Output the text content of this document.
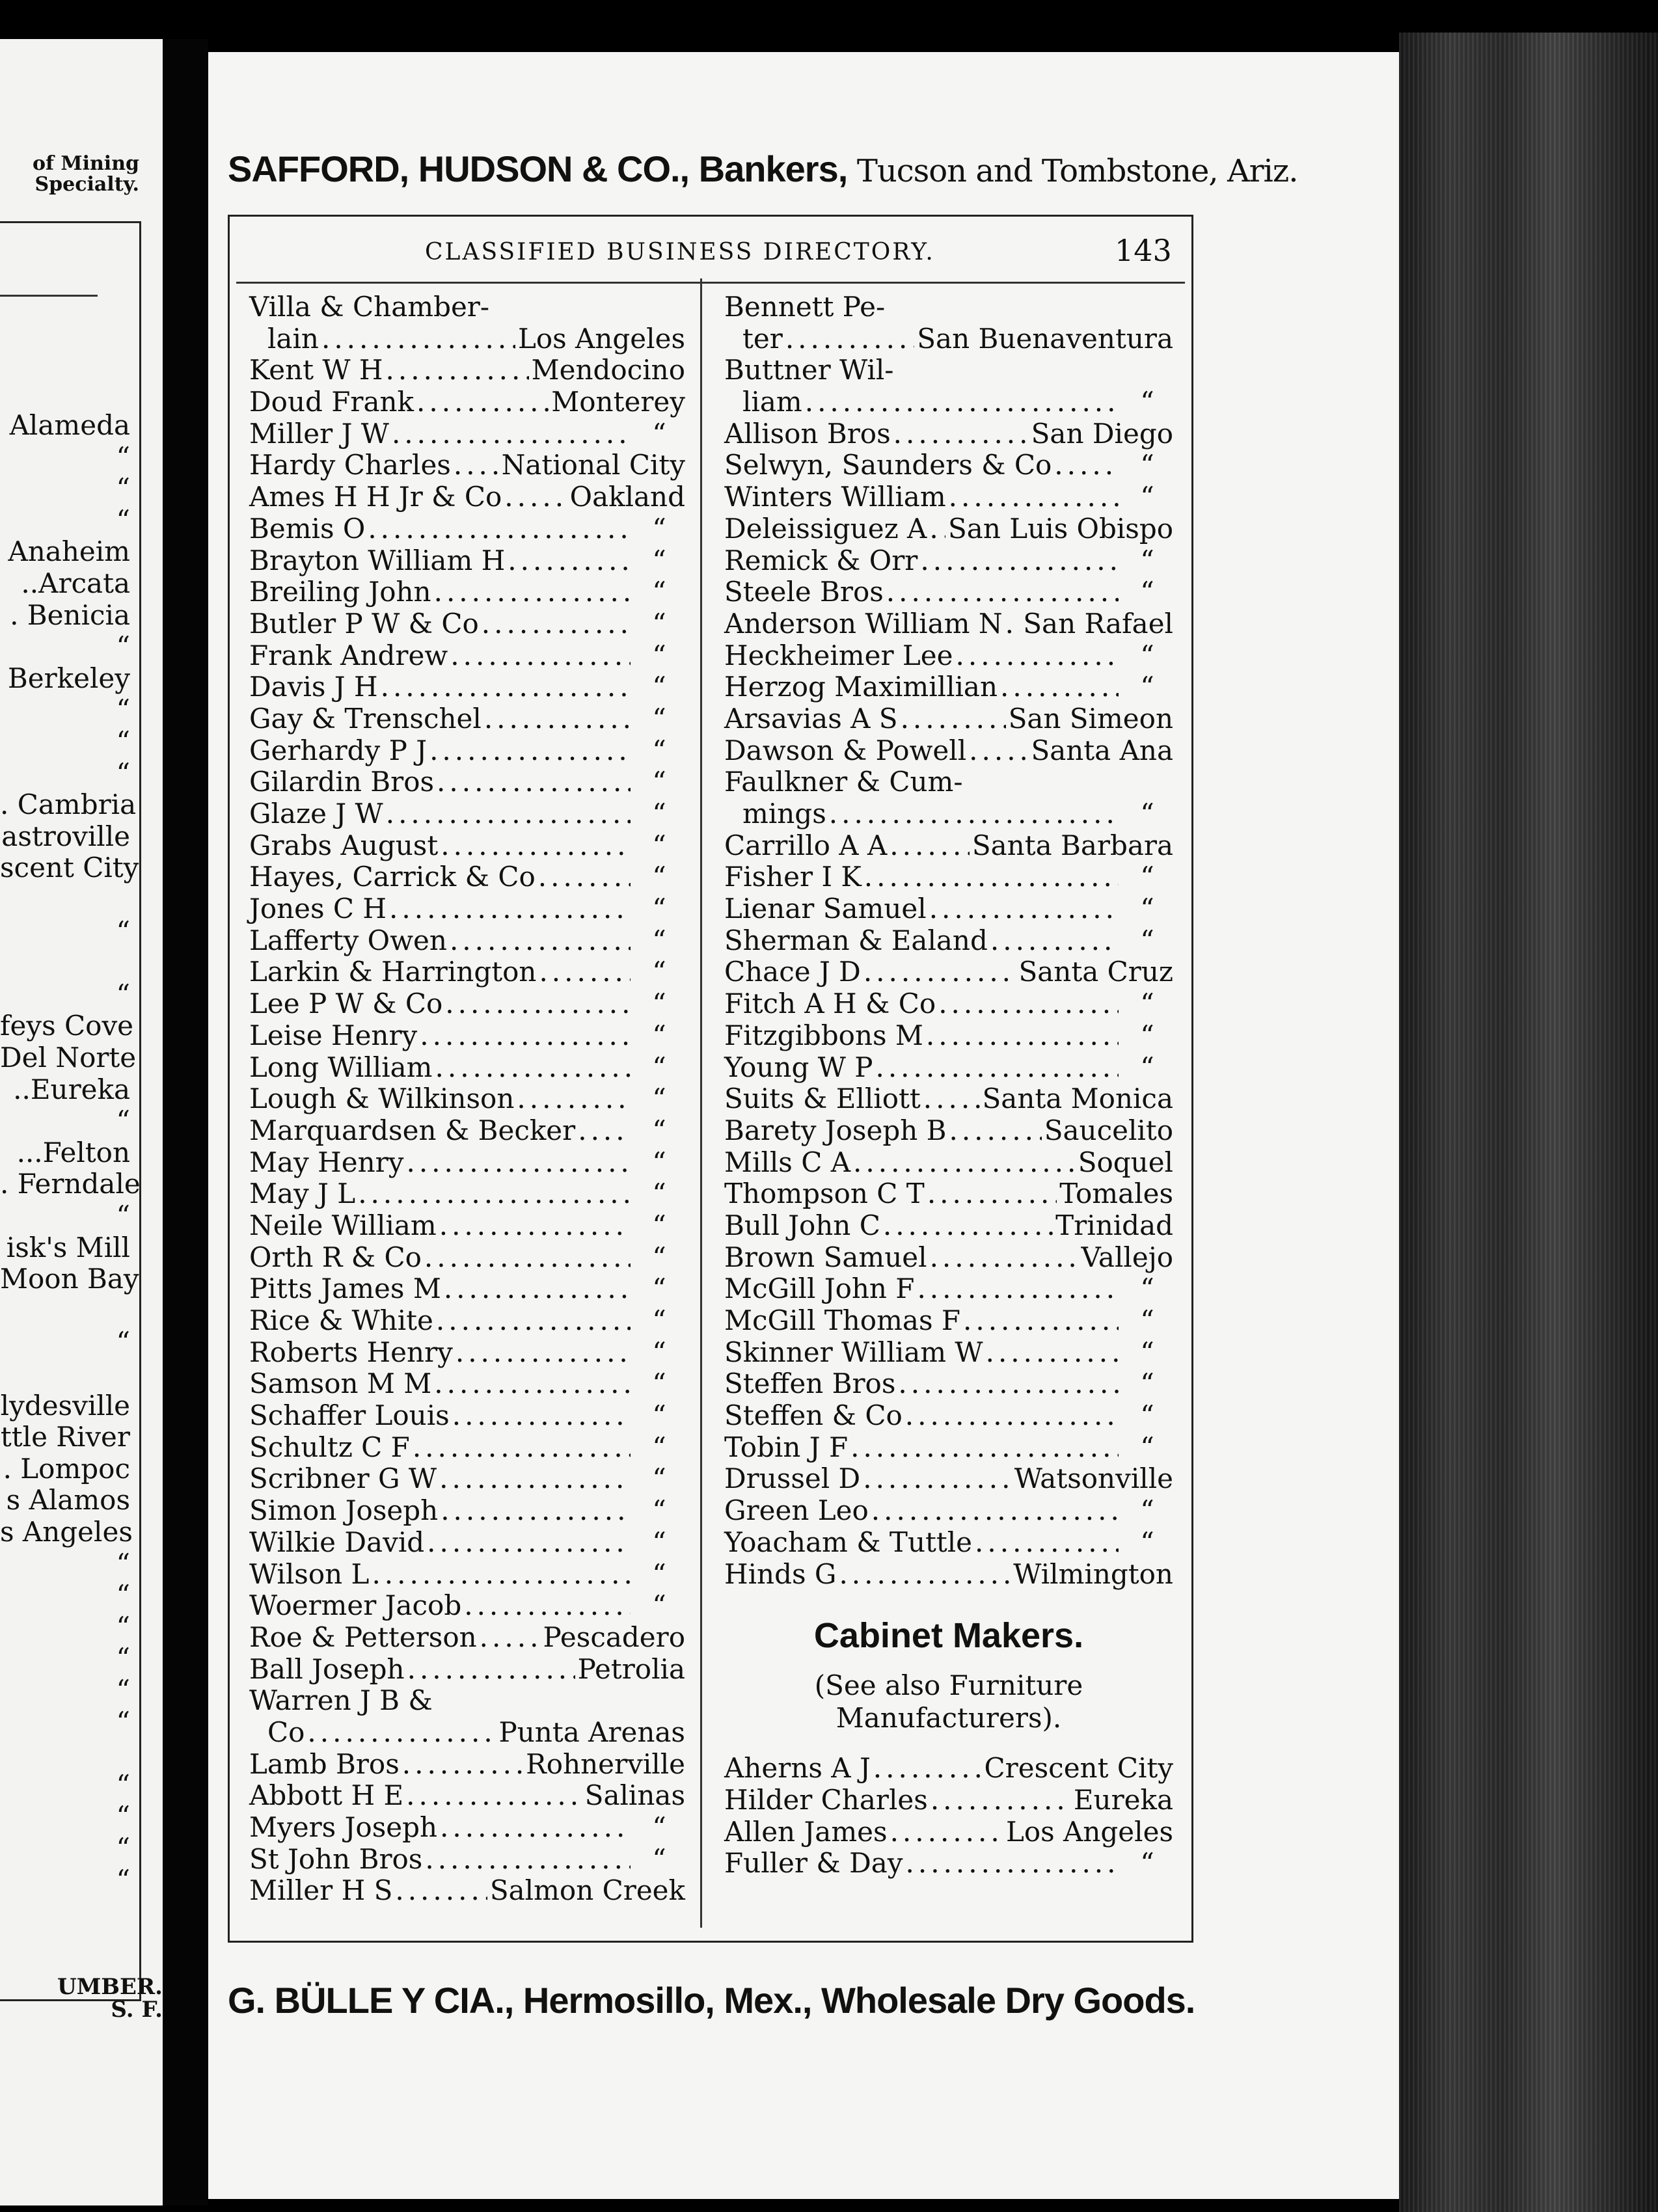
of Mining
Specialty.
Alameda
“
“
“
Anaheim
..Arcata
. Benicia
“
Berkeley
“
“
“
. Cambria
astroville
scent City
“
“
feys Cove
Del Norte
..Eureka
“
...Felton
. Ferndale
“
isk's Mill
Moon Bay
“
lydesville
ttle River
. Lompoc
s Alamos
s Angeles
“
“
“
“
“
“
“
“
“
“
UMBER.
S. F.
SAFFORD, HUDSON & CO., Bankers, Tucson and Tombstone, Ariz.
CLASSIFIED BUSINESS DIRECTORY.	143
Villa & Chamber-
lain .....	Los Angeles
Kent W H .....	Mendocino
Doud Frank .....	Monterey
Miller J W .....	“
Hardy Charles ..... National City
Ames H H Jr & Co ..... Oakland
Bemis O .....	“
Brayton William H .....	“
Breiling John .....	“
Butler P W & Co .....	“
Frank Andrew .....	“
Davis J H .....	“
Gay & Trenschel .....	“
Gerhardy P J .....	“
Gilardin Bros .....	“
Glaze J W .....	“
Grabs August .....	“
Hayes, Carrick & Co .....	“
Jones C H .....	“
Lafferty Owen .....	“
Larkin & Harrington .....	“
Lee P W & Co .....	“
Leise Henry .....	“
Long William .....	“
Lough & Wilkinson .....	“
Marquardsen & Becker .....	“
May Henry .....	“
May J L .....	“
Neile William .....	“
Orth R & Co .....	“
Pitts James M .....	“
Rice & White .....	“
Roberts Henry .....	“
Samson M M .....	“
Schaffer Louis .....	“
Schultz C F .....	“
Scribner G W .....	“
Simon Joseph .....	“
Wilkie David .....	“
Wilson L .....	“
Woermer Jacob .....	“
Roe & Petterson ..... Pescadero
Ball Joseph .....	Petrolia
Warren J B &
Co .....	Punta Arenas
Lamb Bros .....	Rohnerville
Abbott H E .....	Salinas
Myers Joseph .....	“
St John Bros .....	“
Miller H S .....	Salmon Creek
Bennett Pe-
ter .....	San Buenaventura
Buttner Wil-
liam .....	“
Allison Bros .....	San Diego
Selwyn, Saunders & Co .....	“
Winters William .....	“
Deleissiguez A ..... San Luis Obispo
Remick & Orr .....	“
Steele Bros .....	“
Anderson William N ..... San Rafael
Heckheimer Lee .....	“
Herzog Maximillian .....	“
Arsavias A S .....	San Simeon
Dawson & Powell ..... Santa Ana
Faulkner & Cum-
mings .....	“
Carrillo A A .....	Santa Barbara
Fisher I K .....	“
Lienar Samuel .....	“
Sherman & Ealand .....	“
Chace J D .....	Santa Cruz
Fitch A H & Co .....	“
Fitzgibbons M .....	“
Young W P .....	“
Suits & Elliott ..... Santa Monica
Barety Joseph B .....	Saucelito
Mills C A .....	Soquel
Thompson C T .....	Tomales
Bull John C .....	Trinidad
Brown Samuel .....	Vallejo
McGill John F .....	“
McGill Thomas F .....	“
Skinner William W .....	“
Steffen Bros .....	“
Steffen & Co .....	“
Tobin J F .....	“
Drussel D .....	Watsonville
Green Leo .....	“
Yoacham & Tuttle .....	“
Hinds G .....	Wilmington
Cabinet Makers.
(See also Furniture Manufacturers).
Aherns A J .....	Crescent City
Hilder Charles .....	Eureka
Allen James .....	Los Angeles
Fuller & Day .....	“
G. BÜLLE Y CIA., Hermosillo, Mex., Wholesale Dry Goods.
